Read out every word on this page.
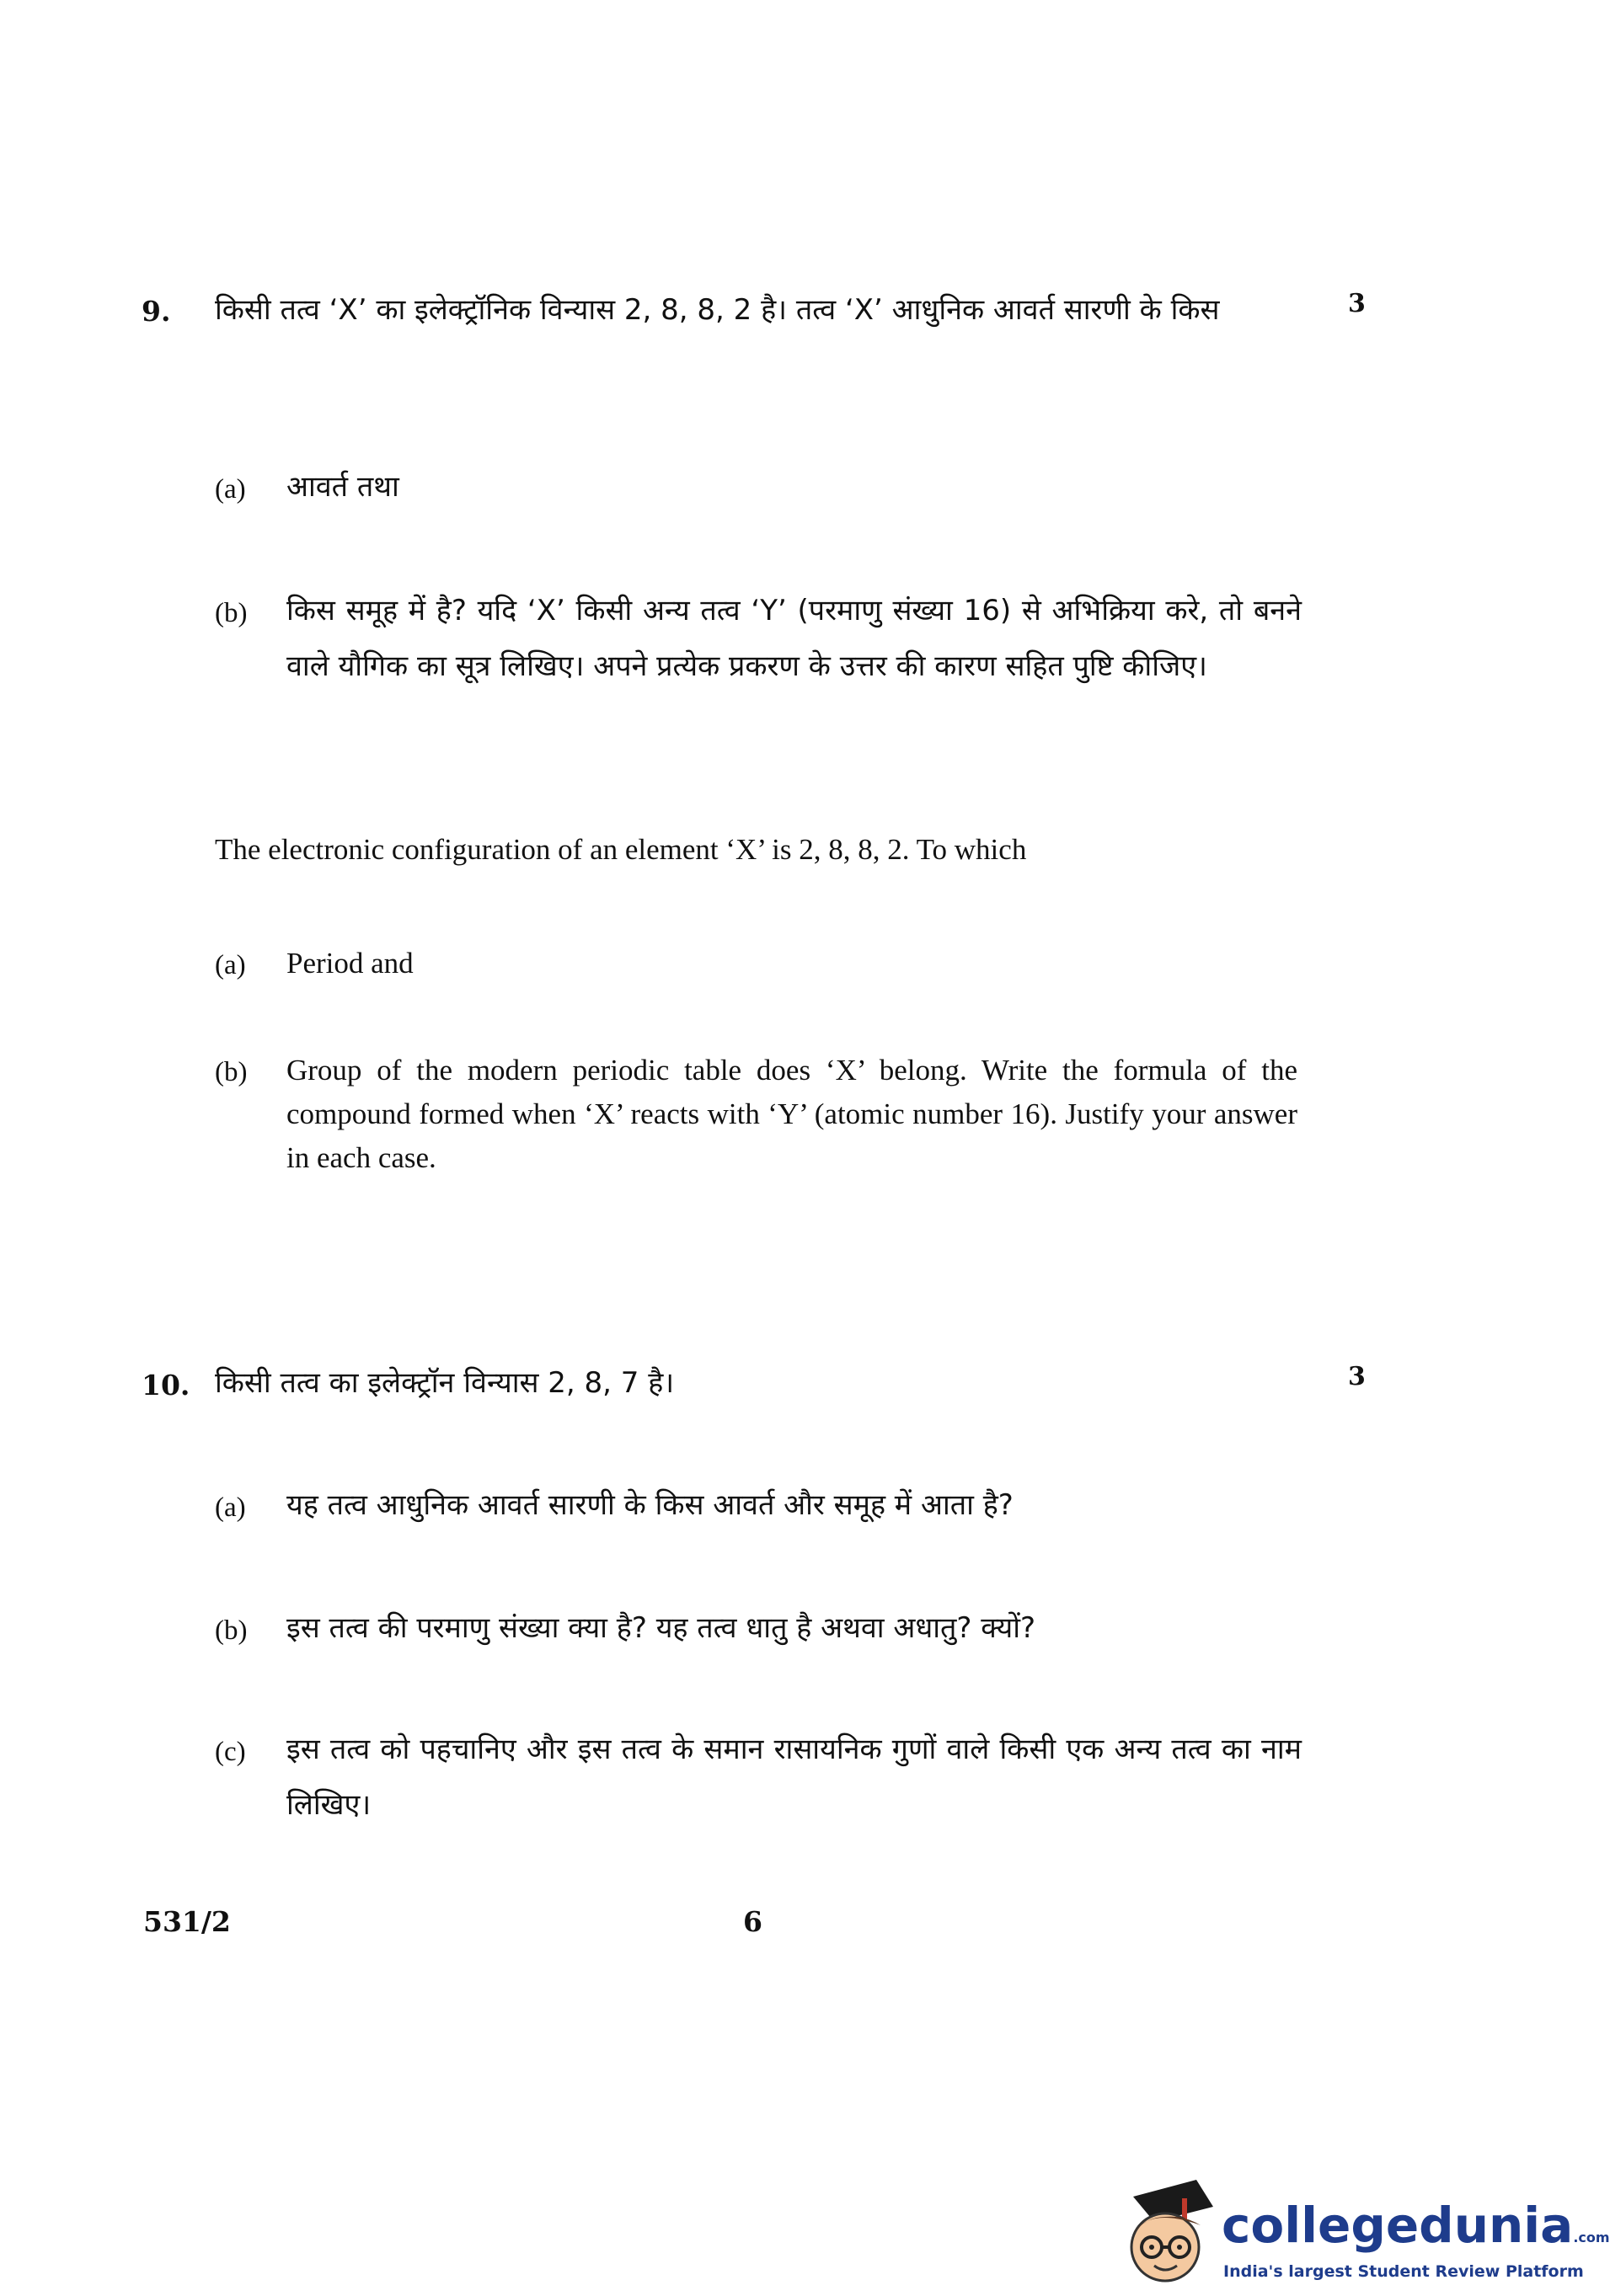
9.	3
किसी तत्व ‘X’ का इलेक्ट्रॉनिक विन्यास 2, 8, 8, 2 है। तत्व ‘X’ आधुनिक आवर्त सारणी के किस
(a) आवर्त तथा
(b) किस समूह में है? यदि ‘X’ किसी अन्य तत्व ‘Y’ (परमाणु संख्या 16) से अभिक्रिया करे, तो बनने वाले यौगिक का सूत्र लिखिए। अपने प्रत्येक प्रकरण के उत्तर की कारण सहित पुष्टि कीजिए।
The electronic configuration of an element ‘X’ is 2, 8, 8, 2. To which
(a) Period and
(b) Group of the modern periodic table does ‘X’ belong. Write the formula of the compound formed when ‘X’ reacts with ‘Y’ (atomic number 16). Justify your answer in each case.
10.	3
किसी तत्व का इलेक्ट्रॉन विन्यास 2, 8, 7 है।
(a) यह तत्व आधुनिक आवर्त सारणी के किस आवर्त और समूह में आता है?
(b) इस तत्व की परमाणु संख्या क्या है? यह तत्व धातु है अथवा अधातु? क्यों?
(c) इस तत्व को पहचानिए और इस तत्व के समान रासायनिक गुणों वाले किसी एक अन्य तत्व का नाम लिखिए।
531/2	6
collegedunia.com
India's largest Student Review Platform
